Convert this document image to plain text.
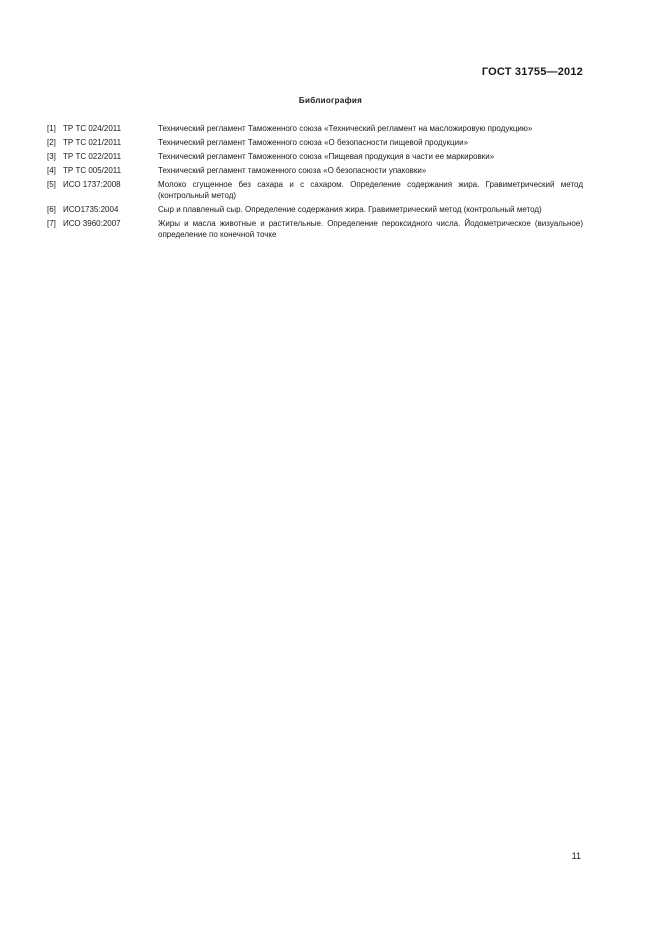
ГОСТ 31755—2012
Библиография
[1] ТР ТС 024/2011	Технический регламент Таможенного союза «Технический регламент на масложировую продукцию»
[2] ТР ТС 021/2011	Технический регламент Таможенного союза «О безопасности пищевой продукции»
[3] ТР ТС 022/2011	Технический регламент Таможенного союза «Пищевая продукция в части ее маркировки»
[4] ТР ТС 005/2011	Технический регламент таможенного союза «О безопасности упаковки»
[5] ИСО 1737:2008	Молоко сгущенное без сахара и с сахаром. Определение содержания жира. Гравиметрический метод (контрольный метод)
[6] ИСО1735:2004	Сыр и плавленый сыр. Определение содержания жира. Гравиметрический метод (контрольный метод)
[7] ИСО 3960:2007	Жиры и масла животные и растительные. Определение пероксидного числа. Йодометрическое (визуальное) определение по конечной точке
11
